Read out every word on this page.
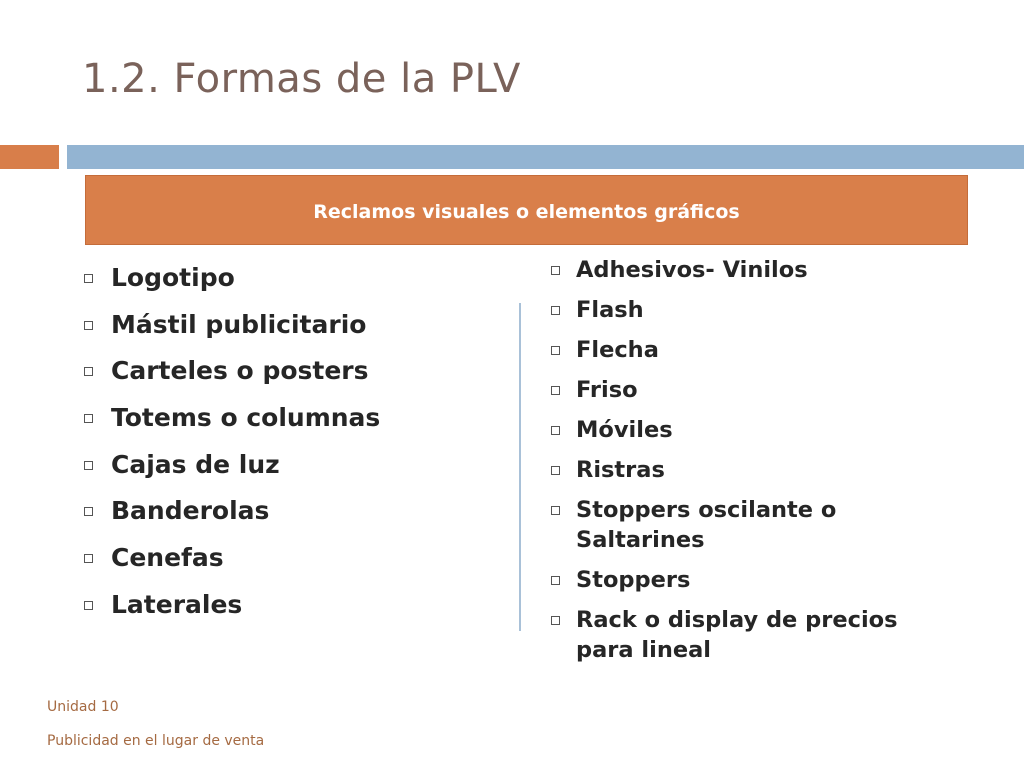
1.2. Formas de la PLV
Reclamos visuales o elementos gráficos
Logotipo
Mástil publicitario
Carteles o posters
Totems o columnas
Cajas de luz
Banderolas
Cenefas
Laterales
Adhesivos- Vinilos
Flash
Flecha
Friso
Móviles
Ristras
Stoppers oscilante o Saltarines
Stoppers
Rack o display de precios para lineal
Unidad 10
Publicidad en el lugar de venta
